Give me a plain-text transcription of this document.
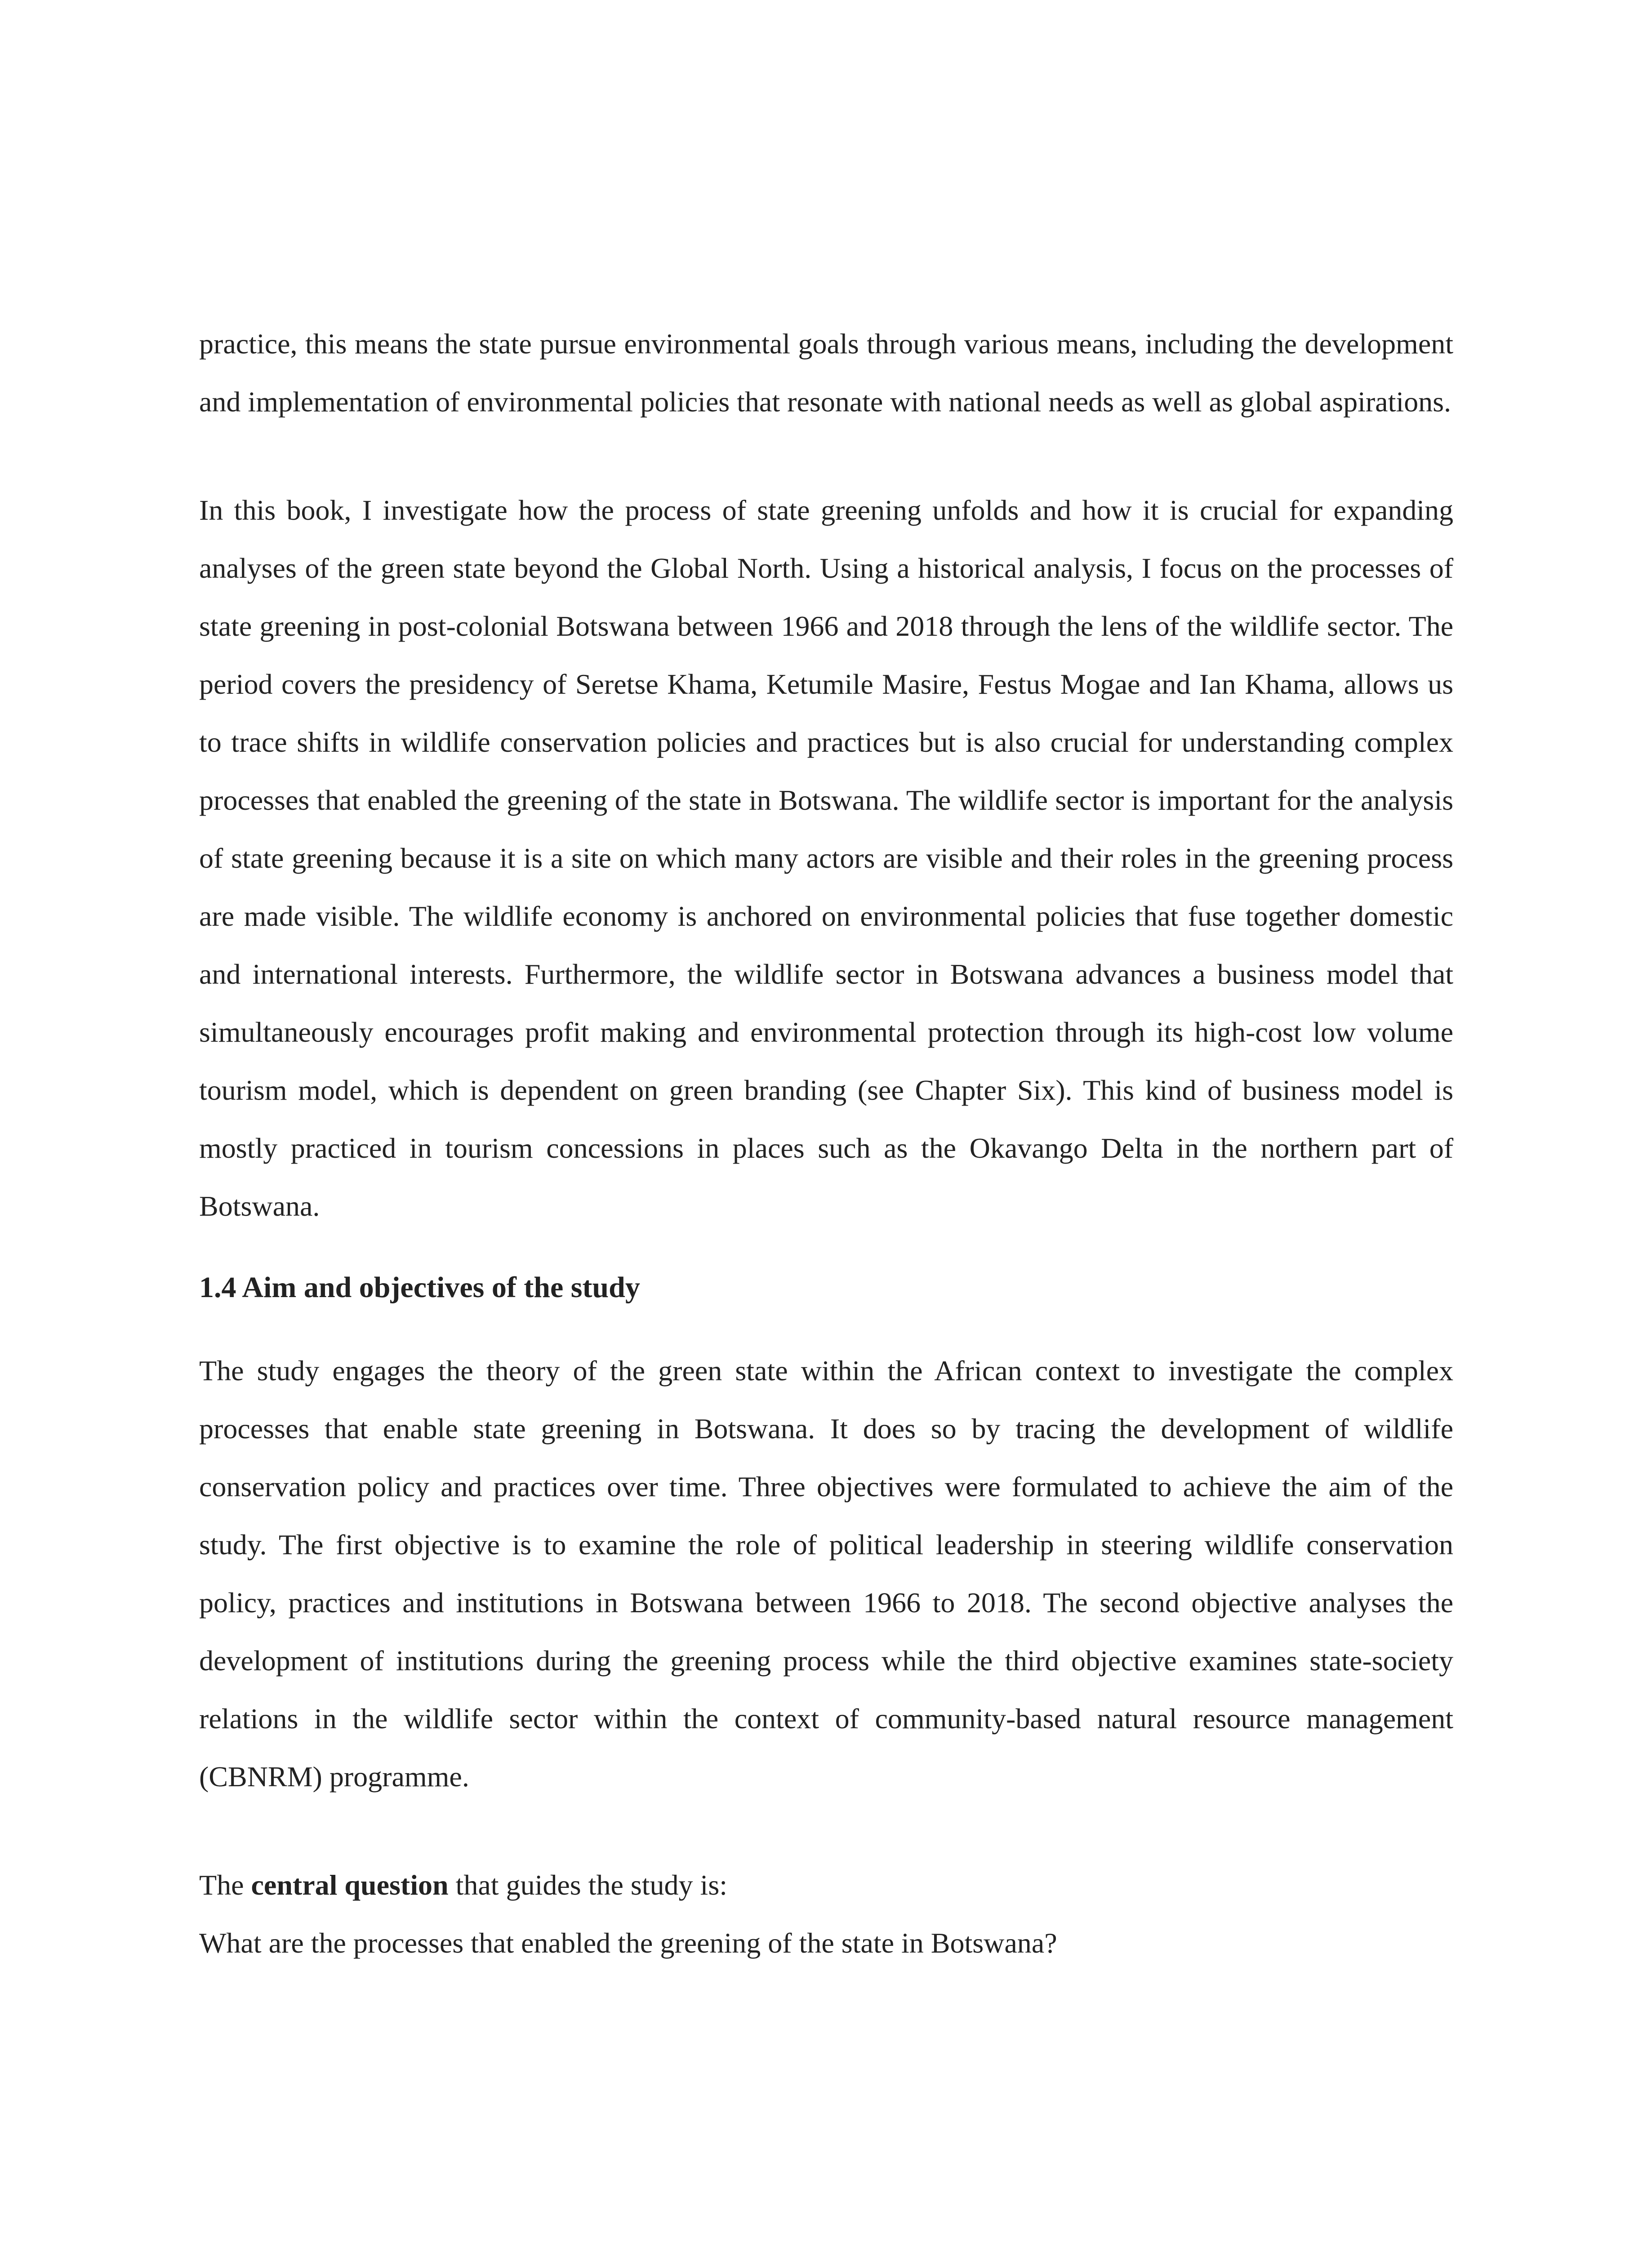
practice, this means the state pursue environmental goals through various means, including the development and implementation of environmental policies that resonate with national needs as well as global aspirations.

In this book, I investigate how the process of state greening unfolds and how it is crucial for expanding analyses of the green state beyond the Global North. Using a historical analysis, I focus on the processes of state greening in post-colonial Botswana between 1966 and 2018 through the lens of the wildlife sector. The period covers the presidency of Seretse Khama, Ketumile Masire, Festus Mogae and Ian Khama, allows us to trace shifts in wildlife conservation policies and practices but is also crucial for understanding complex processes that enabled the greening of the state in Botswana. The wildlife sector is important for the analysis of state greening because it is a site on which many actors are visible and their roles in the greening process are made visible. The wildlife economy is anchored on environmental policies that fuse together domestic and international interests. Furthermore, the wildlife sector in Botswana advances a business model that simultaneously encourages profit making and environmental protection through its high-cost low volume tourism model, which is dependent on green branding (see Chapter Six). This kind of business model is mostly practiced in tourism concessions in places such as the Okavango Delta in the northern part of Botswana.

1.4 Aim and objectives of the study

The study engages the theory of the green state within the African context to investigate the complex processes that enable state greening in Botswana. It does so by tracing the development of wildlife conservation policy and practices over time. Three objectives were formulated to achieve the aim of the study. The first objective is to examine the role of political leadership in steering wildlife conservation policy, practices and institutions in Botswana between 1966 to 2018. The second objective analyses the development of institutions during the greening process while the third objective examines state-society relations in the wildlife sector within the context of community-based natural resource management (CBNRM) programme.

The central question that guides the study is:

What are the processes that enabled the greening of the state in Botswana?
